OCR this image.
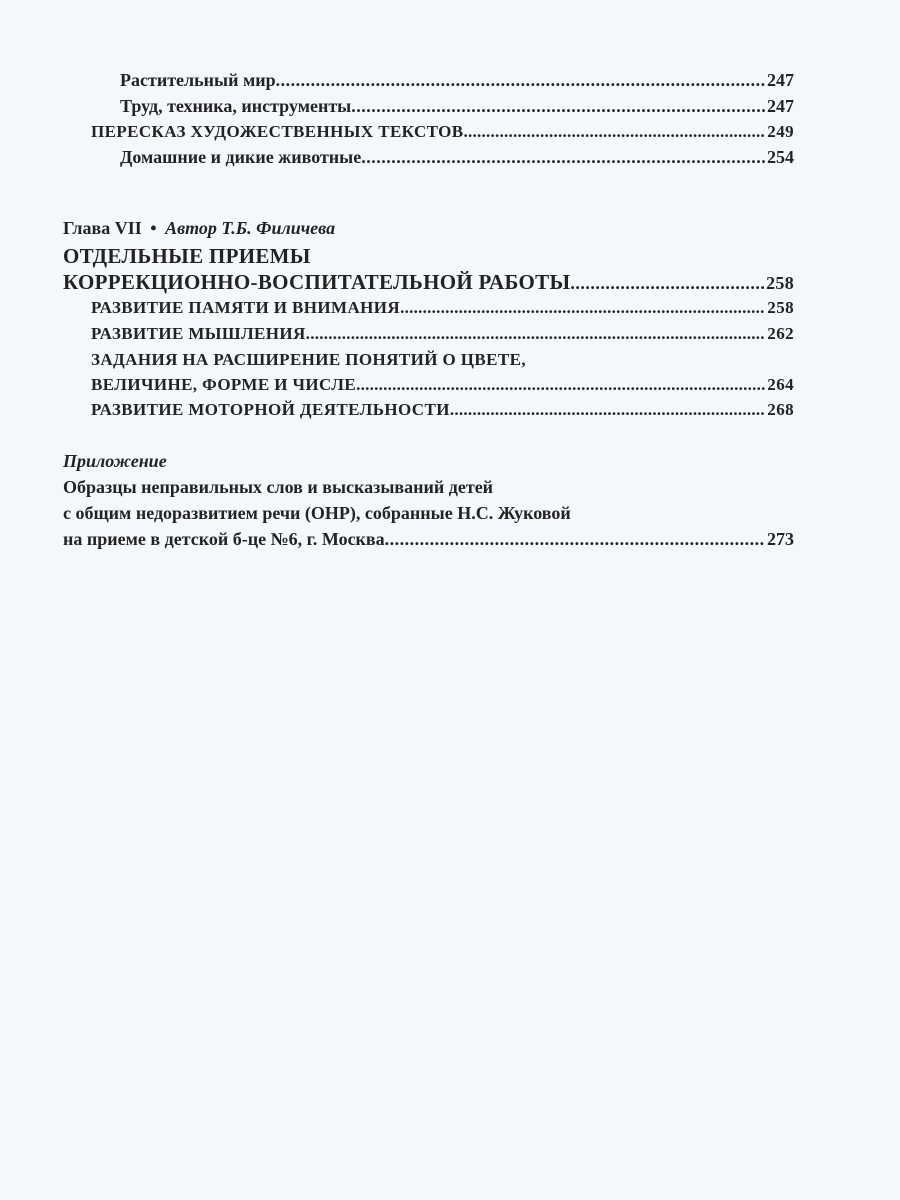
Растительный мир . . .	247
Труд, техника, инструменты . . .	247
ПЕРЕСКАЗ ХУДОЖЕСТВЕННЫХ ТЕКСТОВ . . .	249
Домашние и дикие животные . . .	254
Глава VII • Автор Т.Б. Филичева
ОТДЕЛЬНЫЕ ПРИЕМЫ
КОРРЕКЦИОННО-ВОСПИТАТЕЛЬНОЙ РАБОТЫ . . .	258
РАЗВИТИЕ ПАМЯТИ И ВНИМАНИЯ . . .	258
РАЗВИТИЕ МЫШЛЕНИЯ . . .	262
ЗАДАНИЯ НА РАСШИРЕНИЕ ПОНЯТИЙ О ЦВЕТЕ,
ВЕЛИЧИНЕ, ФОРМЕ И ЧИСЛЕ . . .	264
РАЗВИТИЕ МОТОРНОЙ ДЕЯТЕЛЬНОСТИ . . .	268
Приложение
Образцы неправильных слов и высказываний детей
с общим недоразвитием речи (ОНР), собранные Н.С. Жуковой
на приеме в детской б-це №6, г. Москва . . .	273
